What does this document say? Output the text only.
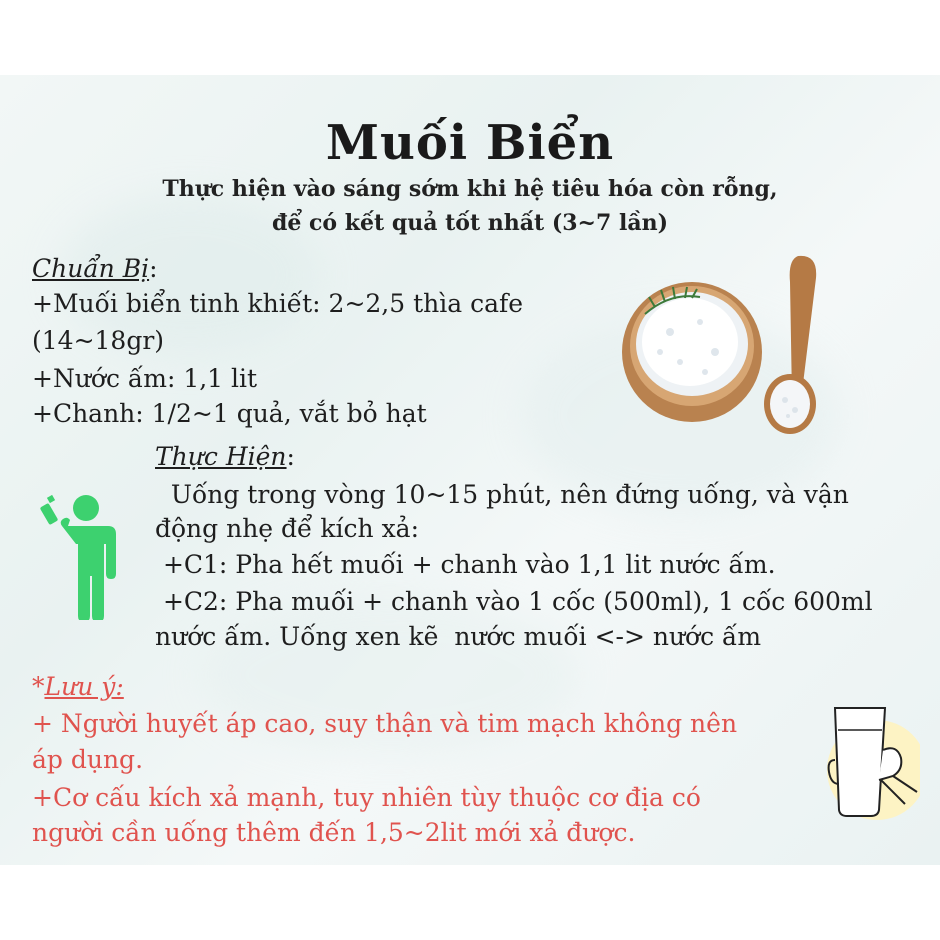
Muối Biển

Thực hiện vào sáng sớm khi hệ tiêu hóa còn rỗng,

để có kết quả tốt nhất (3~7 lần)

Chuẩn Bị:

+Muối biển tinh khiết: 2~2,5 thìa cafe

(14~18gr)

+Nước ấm: 1,1 lit

+Chanh: 1/2~1 quả, vắt bỏ hạt

Thực Hiện:

Uống trong vòng 10~15 phút, nên đứng uống, và vận

động nhẹ để kích xả:

+C1: Pha hết muối + chanh vào 1,1 lit nước ấm.

+C2: Pha muối + chanh vào 1 cốc (500ml), 1 cốc 600ml

nước ấm. Uống xen kẽ  nước muối <-> nước ấm

*Lưu ý:

+ Người huyết áp cao, suy thận và tim mạch không nên

áp dụng.

+Cơ cấu kích xả mạnh, tuy nhiên tùy thuộc cơ địa có

người cần uống thêm đến 1,5~2lit mới xả được.
